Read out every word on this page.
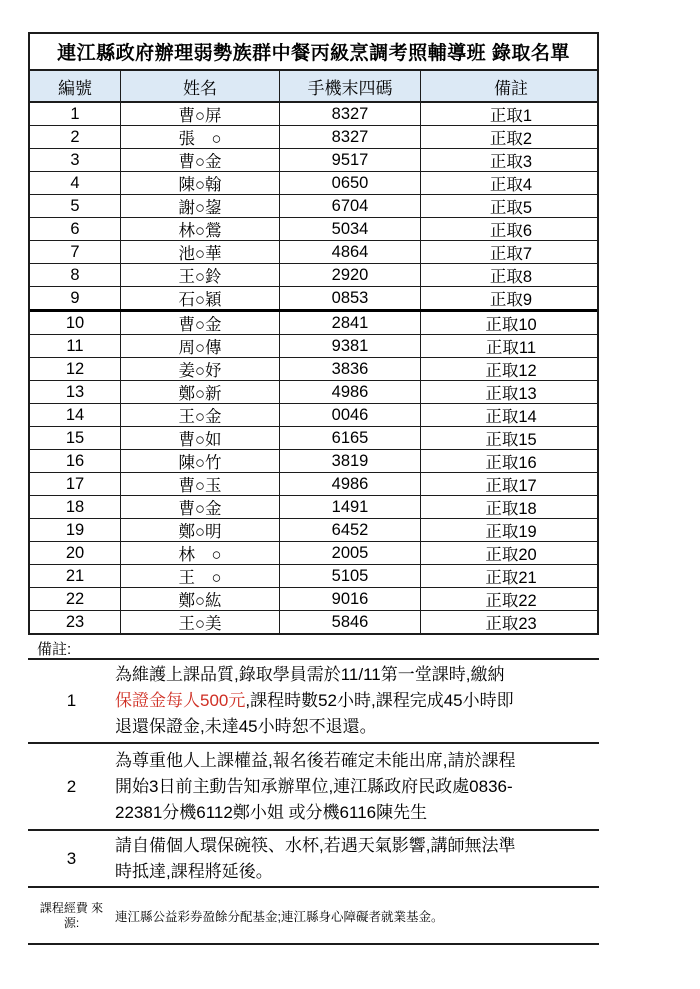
連江縣政府辦理弱勢族群中餐丙級烹調考照輔導班 錄取名單
編號	姓名	手機末四碼	備註
1	曹○屏	8327	正取1
2	張　○	8327	正取2
3	曹○金	9517	正取3
4	陳○翰	0650	正取4
5	謝○鋆	6704	正取5
6	林○鶯	5034	正取6
7	池○華	4864	正取7
8	王○鈴	2920	正取8
9	石○穎	0853	正取9
10	曹○金	2841	正取10
11	周○傳	9381	正取11
12	姜○妤	3836	正取12
13	鄭○新	4986	正取13
14	王○金	0046	正取14
15	曹○如	6165	正取15
16	陳○竹	3819	正取16
17	曹○玉	4986	正取17
18	曹○金	1491	正取18
19	鄭○明	6452	正取19
20	林　○	2005	正取20
21	王　○	5105	正取21
22	鄭○紘	9016	正取22
23	王○美	5846	正取23
備註:
1
為維護上課品質,錄取學員需於11/11第一堂課時,繳納
保證金每人500元,課程時數52小時,課程完成45小時即
退還保證金,未達45小時恕不退還。
2
為尊重他人上課權益,報名後若確定未能出席,請於課程
開始3日前主動告知承辦單位,連江縣政府民政處0836-
22381分機6112鄭小姐 或分機6116陳先生
3
請自備個人環保碗筷、水杯,若遇天氣影響,講師無法準
時抵達,課程將延後。
課程經費 來
源:	連江縣公益彩券盈餘分配基金;連江縣身心障礙者就業基金。
